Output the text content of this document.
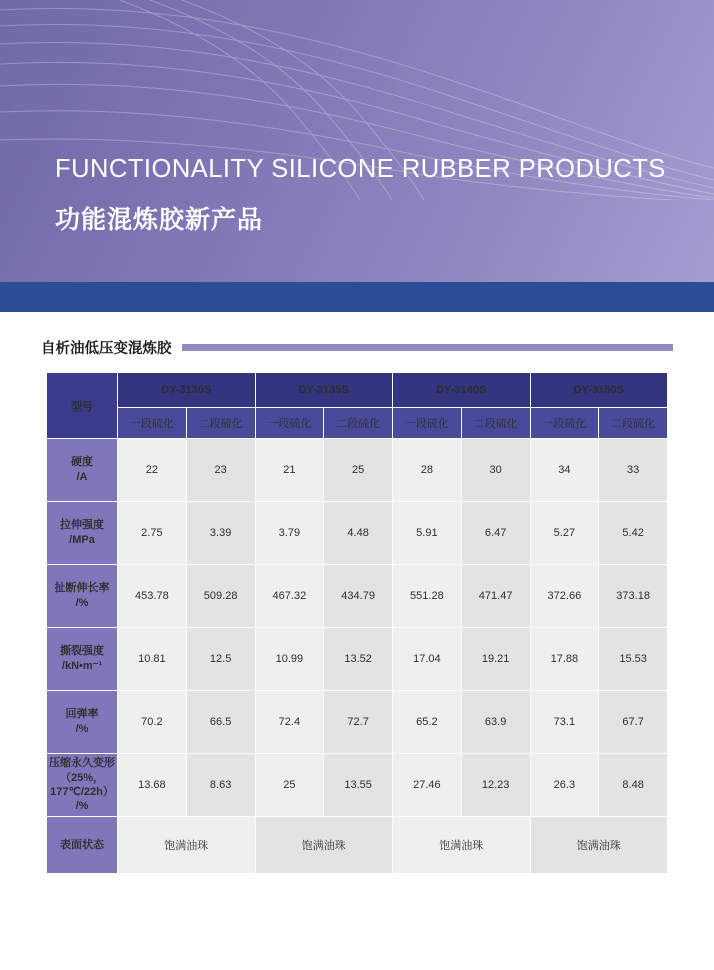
FUNCTIONALITY SILICONE RUBBER PRODUCTS
功能混炼胶新产品
自析油低压变混炼胶
型号	DY-3130S		DY-3135S		DY-3140S		DY-3150S	
	一段硫化	二段硫化	一段硫化	二段硫化	一段硫化	二段硫化	一段硫化	二段硫化

硬度
/A	22	23	21	25	28	30	34	33

拉伸强度
/MPa	2.75	3.39	3.79	4.48	5.91	6.47	5.27	5.42

扯断伸长率
/%	453.78	509.28	467.32	434.79	551.28	471.47	372.66	373.18

撕裂强度
/kN•m⁻¹	10.81	12.5	10.99	13.52	17.04	19.21	17.88	15.53

回弹率
/%	70.2	66.5	72.4	72.7	65.2	63.9	73.1	67.7

压缩永久变形
（25%，
177℃/22h）
/%	13.68	8.63	25	13.55	27.46	12.23	26.3	8.48
表面状态	饱满油珠		饱满油珠		饱满油珠		饱满油珠	
